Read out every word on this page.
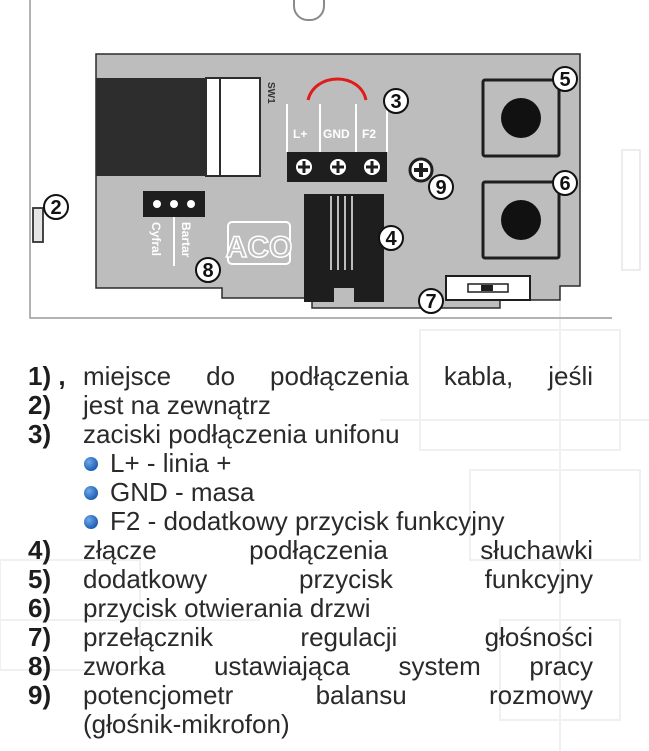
SW1
L+ GND F2
Cyfral Bartar ACO
2
3
4
5
6
7
8
9
1) , miejsce do podłączenia kabla, jeśli
2)	jest na zewnątrz
3)	zaciski podłączenia unifonu
L+ - linia +
GND - masa
F2 - dodatkowy przycisk funkcyjny
4)	złącze podłączenia słuchawki
5)	dodatkowy przycisk funkcyjny
6)	przycisk otwierania drzwi
7)	przełącznik regulacji głośności
8)	zworka ustawiająca system pracy
9)	potencjometr balansu rozmowy
(głośnik-mikrofon)
